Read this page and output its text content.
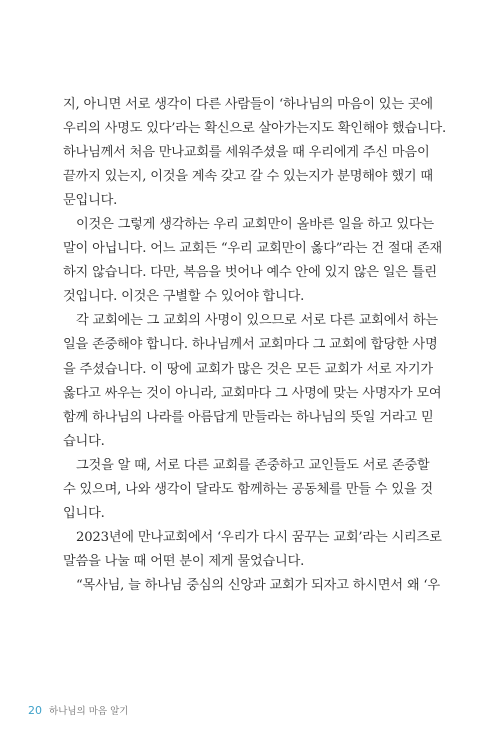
지, 아니면 서로 생각이 다른 사람들이 ‘하나님의 마음이 있는 곳에
우리의 사명도 있다’라는 확신으로 살아가는지도 확인해야 했습니다.
하나님께서 처음 만나교회를 세워주셨을 때 우리에게 주신 마음이
끝까지 있는지, 이것을 계속 갖고 갈 수 있는지가 분명해야 했기 때
문입니다.
이것은 그렇게 생각하는 우리 교회만이 올바른 일을 하고 있다는
말이 아닙니다. 어느 교회든 “우리 교회만이 옳다”라는 건 절대 존재
하지 않습니다. 다만, 복음을 벗어나 예수 안에 있지 않은 일은 틀린
것입니다. 이것은 구별할 수 있어야 합니다.
각 교회에는 그 교회의 사명이 있으므로 서로 다른 교회에서 하는
일을 존중해야 합니다. 하나님께서 교회마다 그 교회에 합당한 사명
을 주셨습니다. 이 땅에 교회가 많은 것은 모든 교회가 서로 자기가
옳다고 싸우는 것이 아니라, 교회마다 그 사명에 맞는 사명자가 모여
함께 하나님의 나라를 아름답게 만들라는 하나님의 뜻일 거라고 믿
습니다.
그것을 알 때, 서로 다른 교회를 존중하고 교인들도 서로 존중할
수 있으며, 나와 생각이 달라도 함께하는 공동체를 만들 수 있을 것
입니다.
2023년에 만나교회에서 ‘우리가 다시 꿈꾸는 교회’라는 시리즈로
말씀을 나눌 때 어떤 분이 제게 물었습니다.
“목사님, 늘 하나님 중심의 신앙과 교회가 되자고 하시면서 왜 ‘우
20 하나님의 마음 알기
